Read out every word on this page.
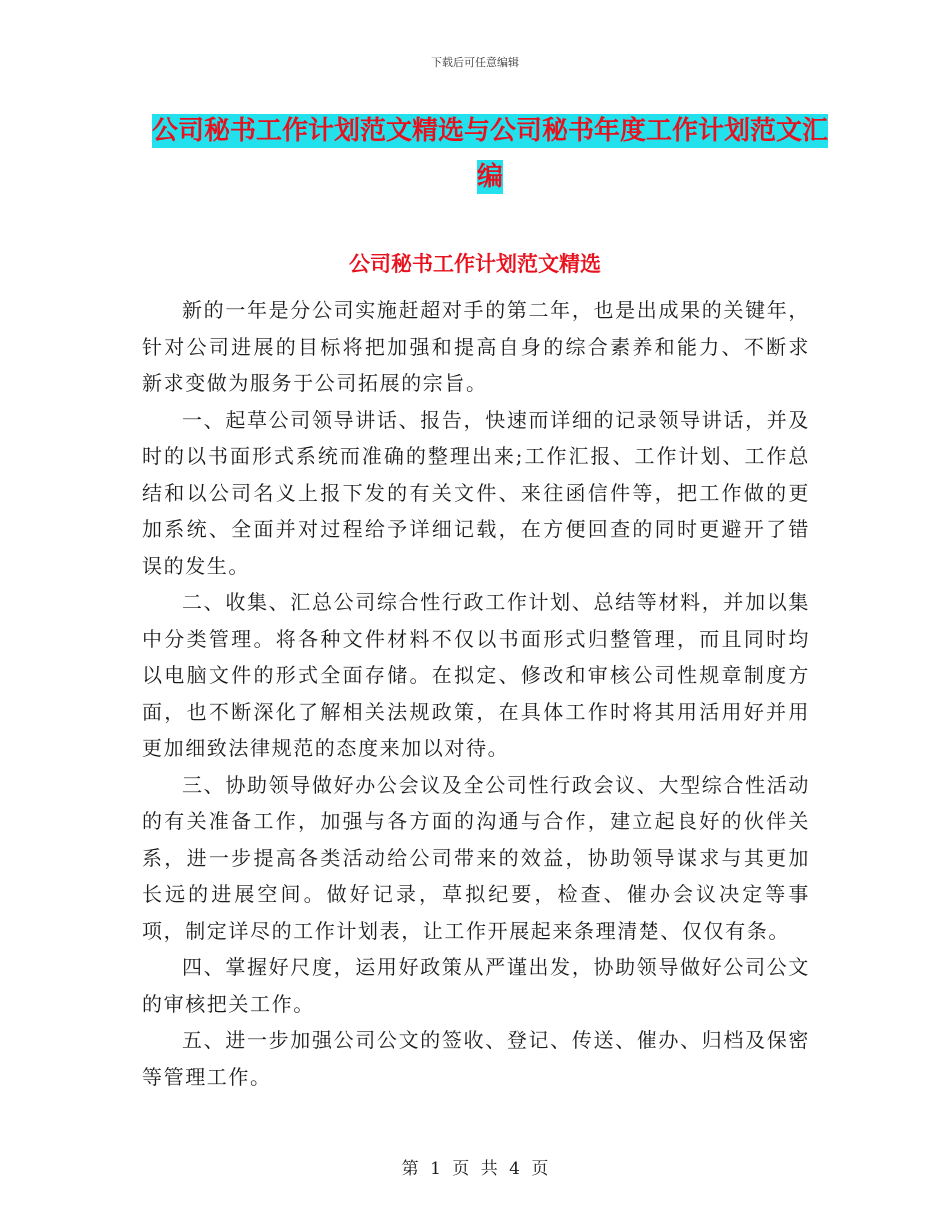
下载后可任意编辑
公司秘书工作计划范文精选与公司秘书年度工作计划范文汇编
公司秘书工作计划范文精选

新的一年是分公司实施赶超对手的第二年，也是出成果的关键年，针对公司进展的目标将把加强和提高自身的综合素养和能力、不断求新求变做为服务于公司拓展的宗旨。

一、起草公司领导讲话、报告，快速而详细的记录领导讲话，并及时的以书面形式系统而准确的整理出来;工作汇报、工作计划、工作总结和以公司名义上报下发的有关文件、来往函信件等，把工作做的更加系统、全面并对过程给予详细记载，在方便回查的同时更避开了错误的发生。

二、收集、汇总公司综合性行政工作计划、总结等材料，并加以集中分类管理。将各种文件材料不仅以书面形式归整管理，而且同时均以电脑文件的形式全面存储。在拟定、修改和审核公司性规章制度方面，也不断深化了解相关法规政策，在具体工作时将其用活用好并用更加细致法律规范的态度来加以对待。

三、协助领导做好办公会议及全公司性行政会议、大型综合性活动的有关准备工作，加强与各方面的沟通与合作，建立起良好的伙伴关系，进一步提高各类活动给公司带来的效益，协助领导谋求与其更加长远的进展空间。做好记录，草拟纪要，检查、催办会议决定等事项，制定详尽的工作计划表，让工作开展起来条理清楚、仅仅有条。

四、掌握好尺度，运用好政策从严谨出发，协助领导做好公司公文的审核把关工作。

五、进一步加强公司公文的签收、登记、传送、催办、归档及保密等管理工作。

第 1 页 共 4 页
